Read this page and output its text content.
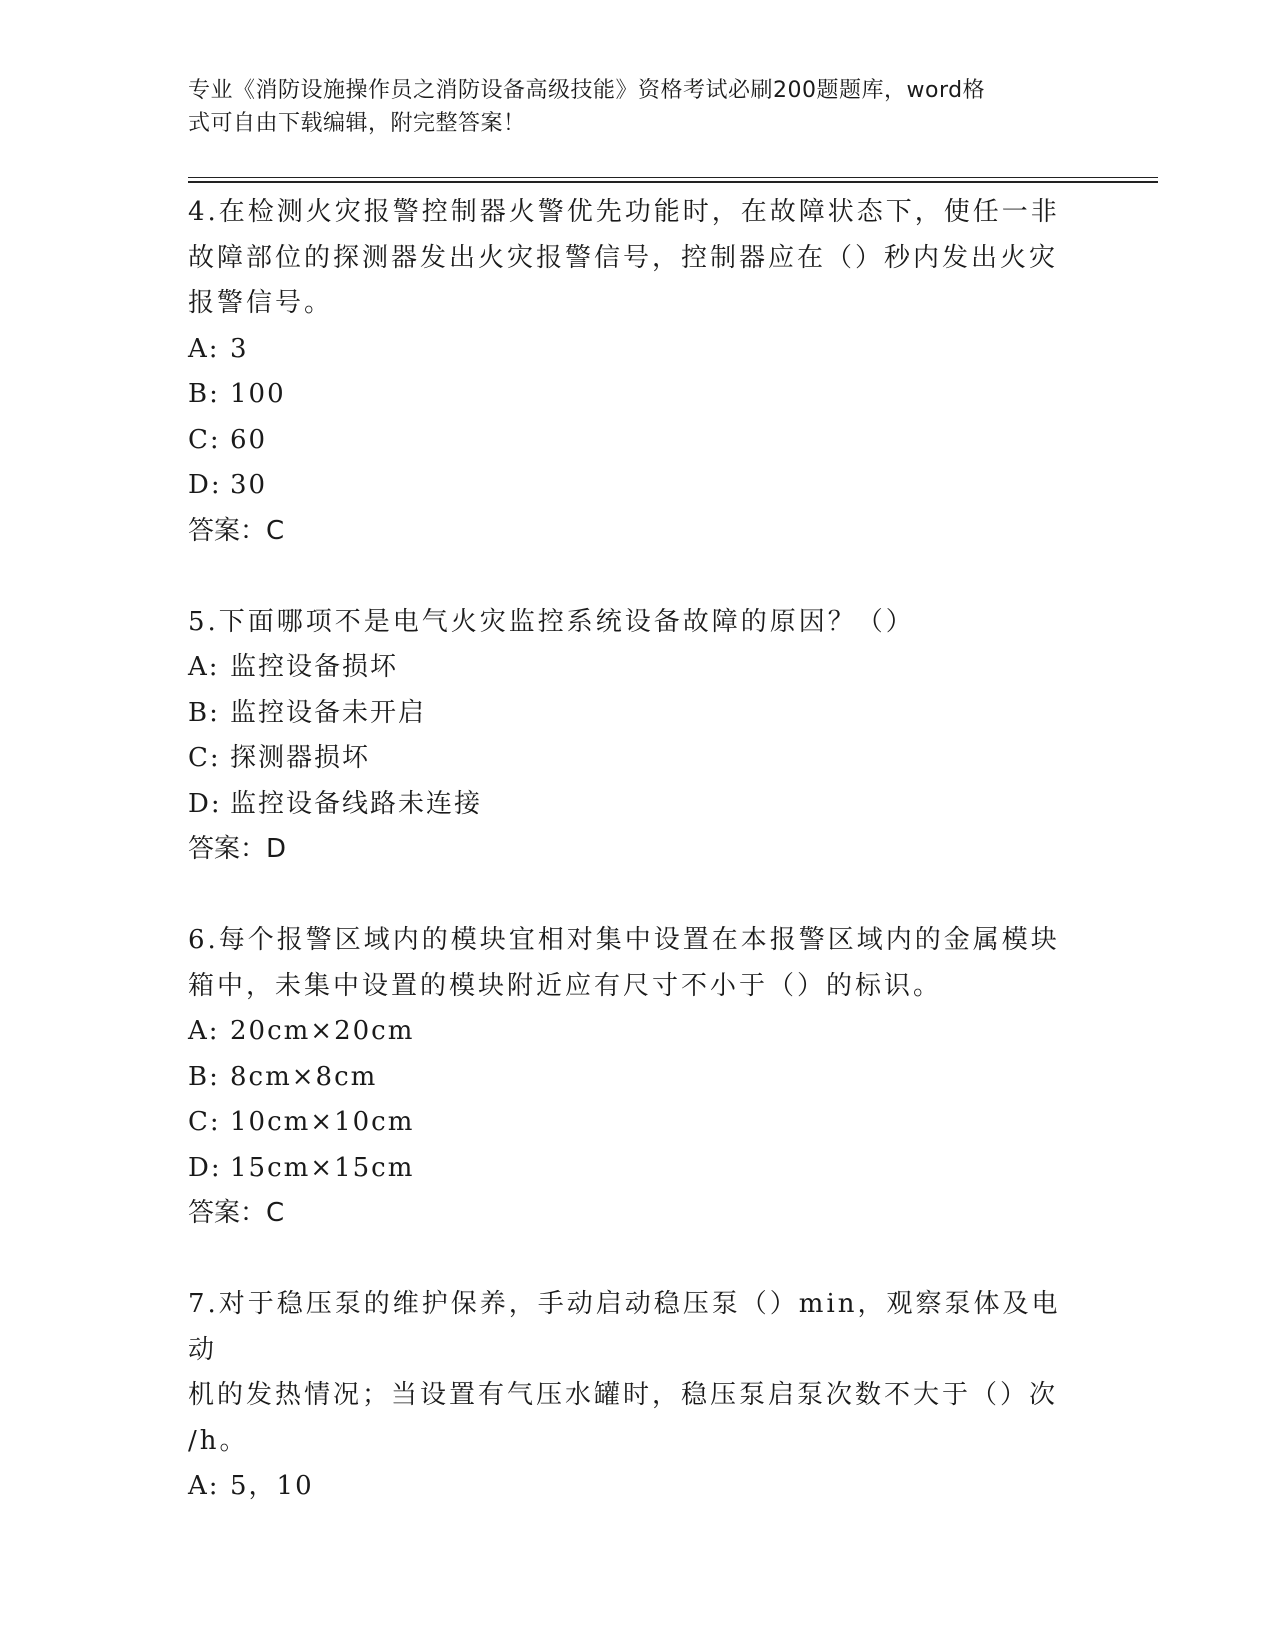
专业《消防设施操作员之消防设备高级技能》资格考试必刷200题题库，word格
式可自由下载编辑，附完整答案！
4.在检测火灾报警控制器火警优先功能时，在故障状态下，使任一非
故障部位的探测器发出火灾报警信号，控制器应在（）秒内发出火灾
报警信号。
A: 3
B: 100
C: 60
D: 30
答案：C
5.下面哪项不是电气火灾监控系统设备故障的原因？（）
A: 监控设备损坏
B: 监控设备未开启
C: 探测器损坏
D: 监控设备线路未连接
答案：D
6.每个报警区域内的模块宜相对集中设置在本报警区域内的金属模块
箱中，未集中设置的模块附近应有尺寸不小于（）的标识。
A: 20cm×20cm
B: 8cm×8cm
C: 10cm×10cm
D: 15cm×15cm
答案：C
7.对于稳压泵的维护保养，手动启动稳压泵（）min，观察泵体及电动
机的发热情况；当设置有气压水罐时，稳压泵启泵次数不大于（）次
/h。
A: 5，10
